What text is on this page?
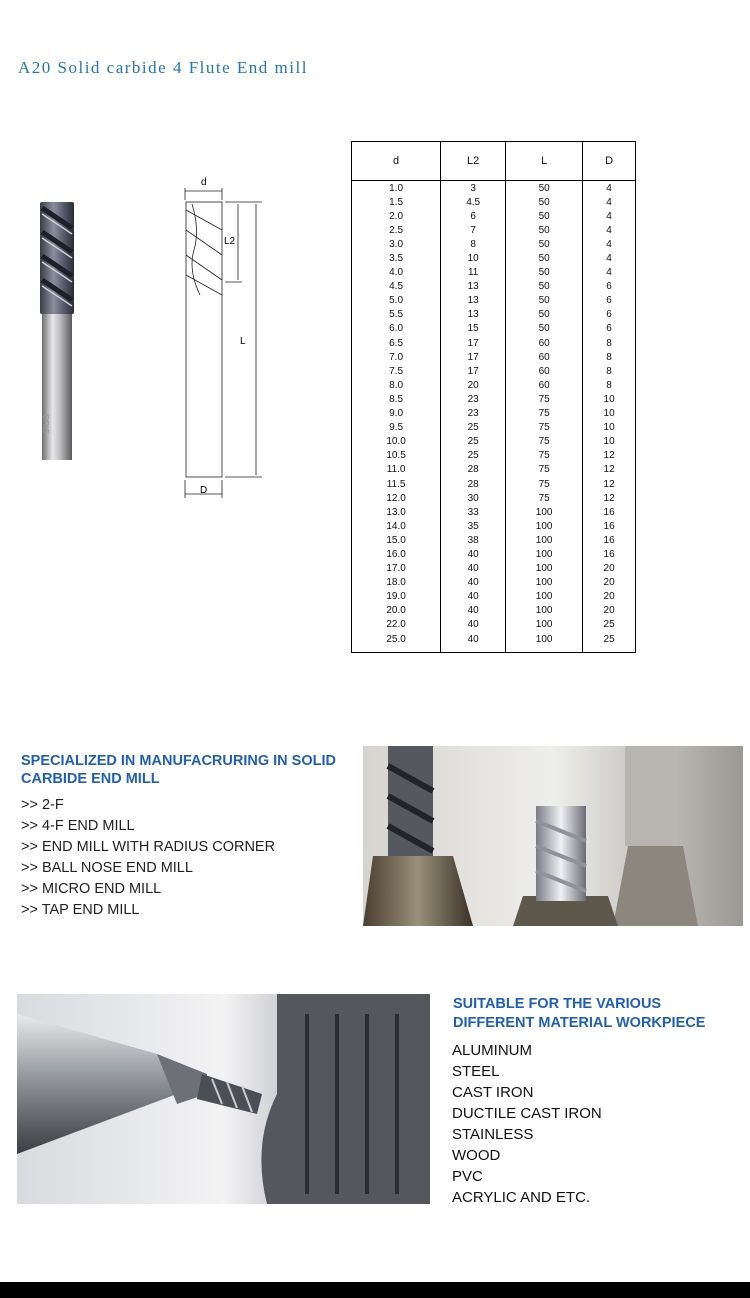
A20 Solid carbide 4 Flute End mill
GRIS
d
L2
L
D
d	L2	L	D
1.0	3	50	4
1.5	4.5	50	4
2.0	6	50	4
2.5	7	50	4
3.0	8	50	4
3.5	10	50	4
4.0	11	50	4
4.5	13	50	6
5.0	13	50	6
5.5	13	50	6
6.0	15	50	6
6.5	17	60	8
7.0	17	60	8
7.5	17	60	8
8.0	20	60	8
8.5	23	75	10
9.0	23	75	10
9.5	25	75	10
10.0	25	75	10
10.5	25	75	12
11.0	28	75	12
11.5	28	75	12
12.0	30	75	12
13.0	33	100	16
14.0	35	100	16
15.0	38	100	16
16.0	40	100	16
17.0	40	100	20
18.0	40	100	20
19.0	40	100	20
20.0	40	100	20
22.0	40	100	25
25.0	40	100	25
SPECIALIZED IN MANUFACRURING IN SOLID CARBIDE END MILL
>> 2-F
>> 4-F END MILL
>> END MILL WITH RADIUS CORNER
>> BALL NOSE END MILL
>> MICRO END MILL
>> TAP END MILL
SUITABLE FOR THE VARIOUS DIFFERENT MATERIAL WORKPIECE
ALUMINUM
STEEL
CAST IRON
DUCTILE CAST IRON
STAINLESS
WOOD
PVC
ACRYLIC AND ETC.
